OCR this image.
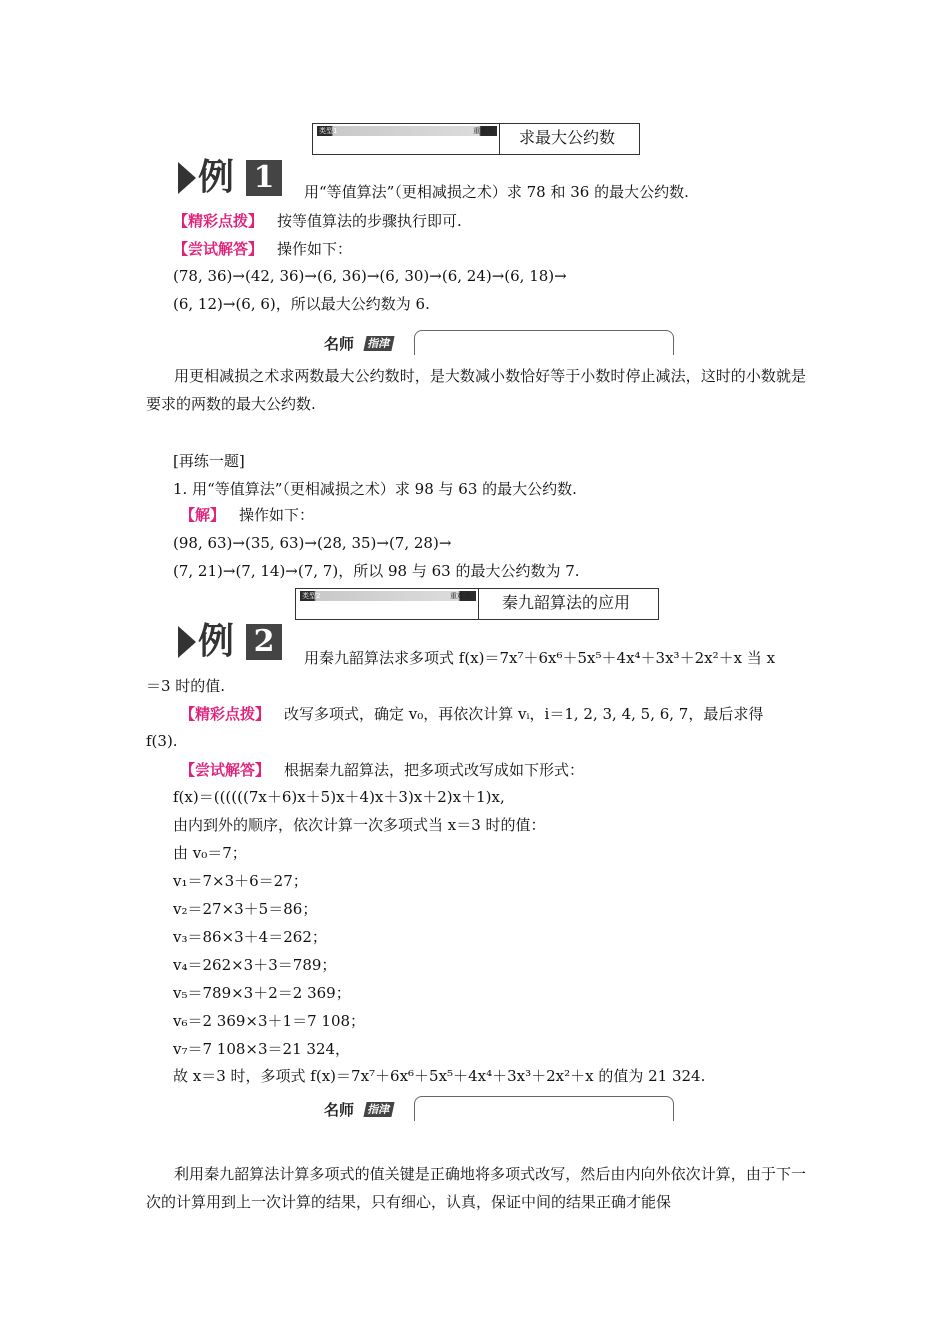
类型1	重难点 求最大公约数
例 1	用“等值算法”（更相减损之术）求 78 和 36 的最大公约数.
【精彩点拨】 按等值算法的步骤执行即可.
【尝试解答】 操作如下：
(78, 36)→(42, 36)→(6, 36)→(6, 30)→(6, 24)→(6, 18)→
(6, 12)→(6, 6)，所以最大公约数为 6.
名师 指津
用更相减损之术求两数最大公约数时，是大数减小数恰好等于小数时停止减法，这时的小数就是要求的两数的最大公约数.
[再练一题]
1. 用“等值算法”（更相减损之术）求 98 与 63 的最大公约数.
【解】 操作如下：
(98, 63)→(35, 63)→(28, 35)→(7, 28)→
(7, 21)→(7, 14)→(7, 7)，所以 98 与 63 的最大公约数为 7.
类型2	重难点 秦九韶算法的应用
例 2	用秦九韶算法求多项式 f(x)＝7x⁷＋6x⁶＋5x⁵＋4x⁴＋3x³＋2x²＋x 当 x
＝3 时的值.
【精彩点拨】 改写多项式，确定 v₀，再依次计算 vᵢ，i＝1, 2, 3, 4, 5, 6, 7，最后求得
f(3).
【尝试解答】 根据秦九韶算法，把多项式改写成如下形式：
f(x)＝((((((7x＋6)x＋5)x＋4)x＋3)x＋2)x＋1)x,
由内到外的顺序，依次计算一次多项式当 x＝3 时的值：
由 v₀＝7；
v₁＝7×3＋6＝27；
v₂＝27×3＋5＝86；
v₃＝86×3＋4＝262；
v₄＝262×3＋3＝789；
v₅＝789×3＋2＝2 369；
v₆＝2 369×3＋1＝7 108；
v₇＝7 108×3＝21 324，
故 x＝3 时，多项式 f(x)＝7x⁷＋6x⁶＋5x⁵＋4x⁴＋3x³＋2x²＋x 的值为 21 324.
名师 指津
利用秦九韶算法计算多项式的值关键是正确地将多项式改写，然后由内向外依次计算，由于下一次的计算用到上一次计算的结果，只有细心，认真，保证中间的结果正确才能保
